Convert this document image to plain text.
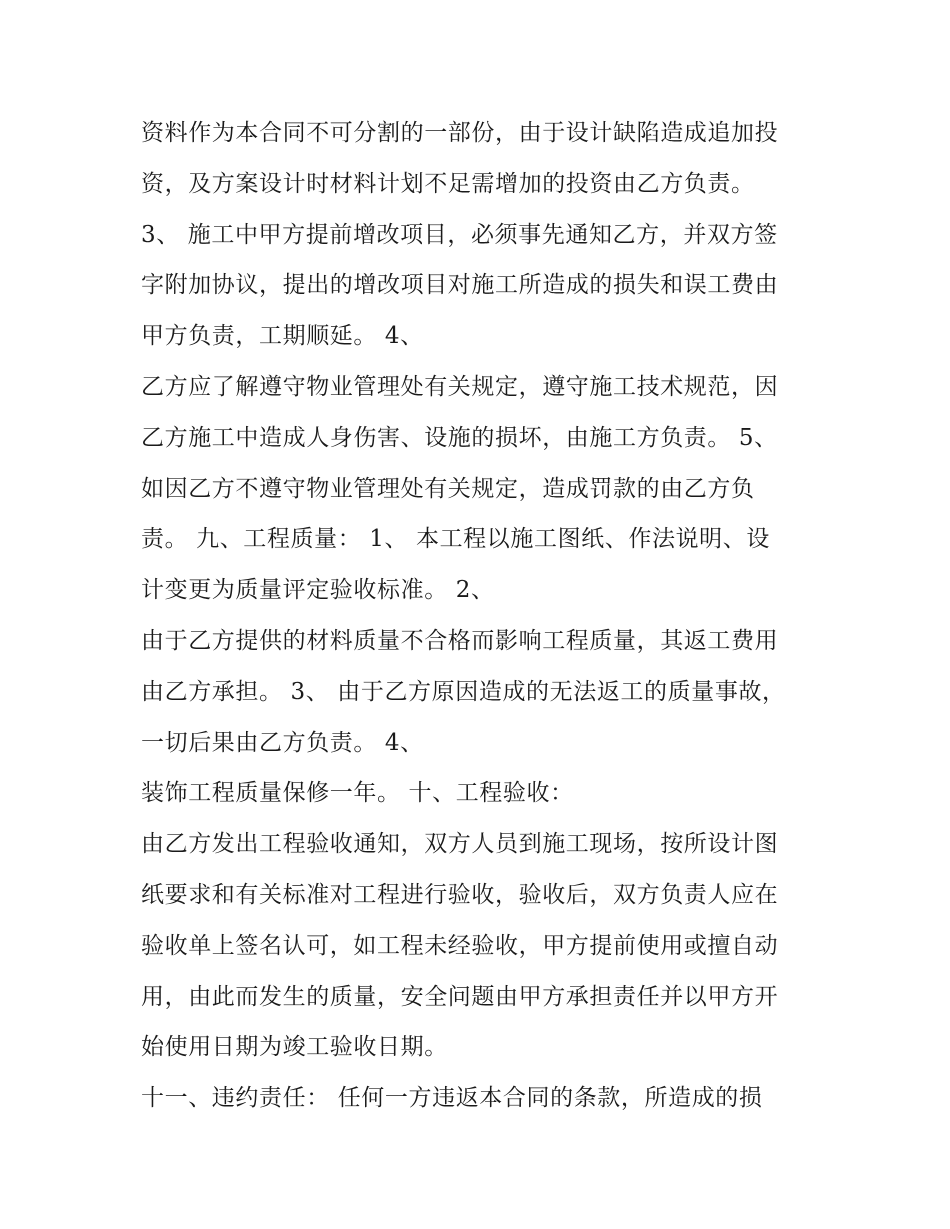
资料作为本合同不可分割的一部份，由于设计缺陷造成追加投
资，及方案设计时材料计划不足需增加的投资由乙方负责。
3、 施工中甲方提前增改项目，必须事先通知乙方，并双方签
字附加协议，提出的增改项目对施工所造成的损失和误工费由
甲方负责，工期顺延。 4、
乙方应了解遵守物业管理处有关规定，遵守施工技术规范，因
乙方施工中造成人身伤害、设施的损坏，由施工方负责。 5、
如因乙方不遵守物业管理处有关规定，造成罚款的由乙方负
责。 九、工程质量： 1、 本工程以施工图纸、作法说明、设
计变更为质量评定验收标准。 2、
由于乙方提供的材料质量不合格而影响工程质量，其返工费用
由乙方承担。 3、 由于乙方原因造成的无法返工的质量事故，
一切后果由乙方负责。 4、
装饰工程质量保修一年。 十、工程验收：
由乙方发出工程验收通知，双方人员到施工现场，按所设计图
纸要求和有关标准对工程进行验收，验收后，双方负责人应在
验收单上签名认可，如工程未经验收，甲方提前使用或擅自动
用，由此而发生的质量，安全问题由甲方承担责任并以甲方开
始使用日期为竣工验收日期。
十一、违约责任： 任何一方违返本合同的条款，所造成的损
